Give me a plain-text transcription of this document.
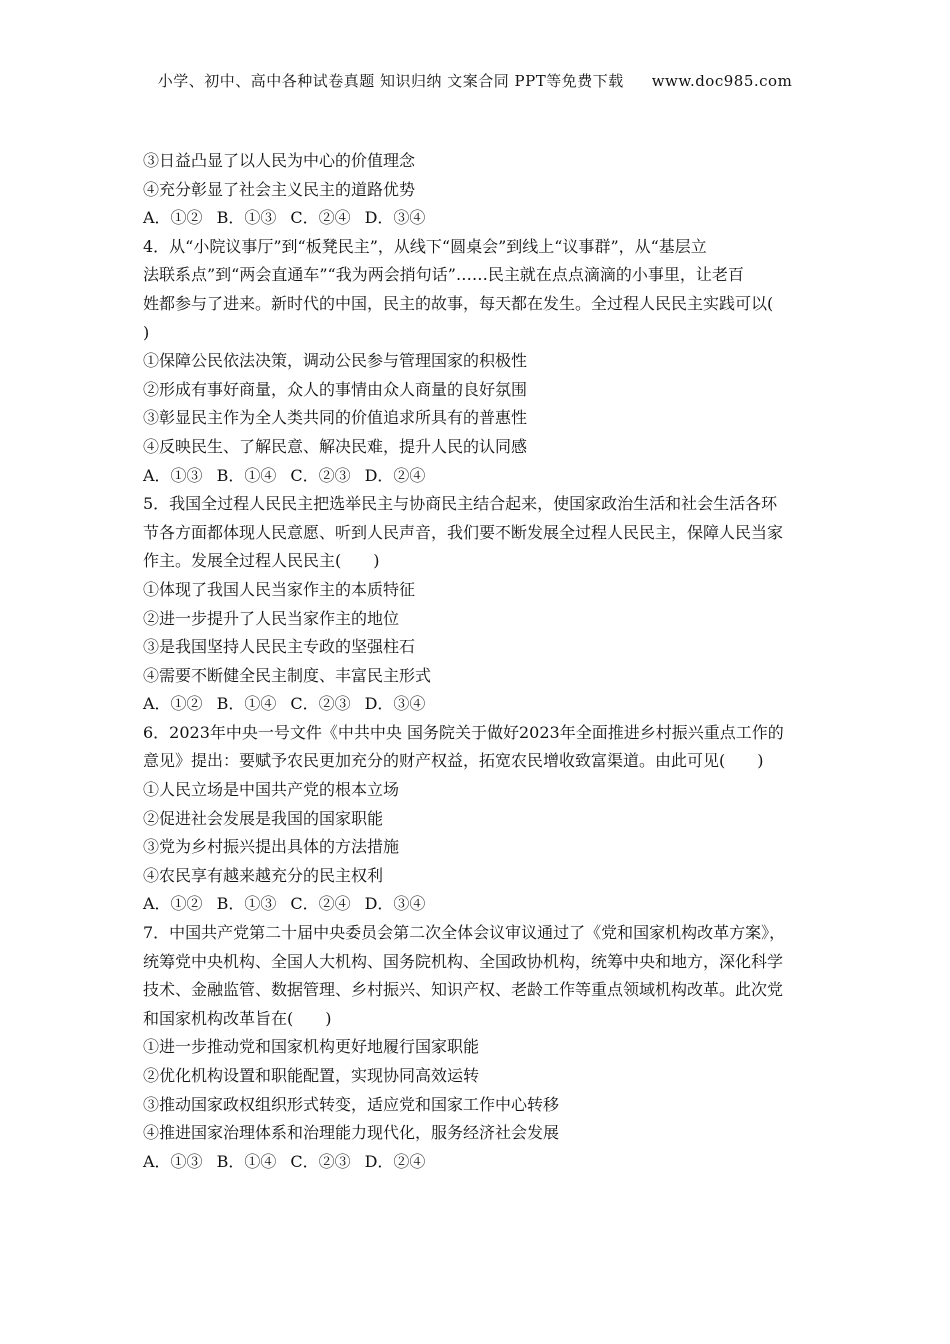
小学、初中、高中各种试卷真题 知识归纳 文案合同 PPT等免费下载 www.doc985.com
③日益凸显了以人民为中心的价值理念
④充分彰显了社会主义民主的道路优势
A．①② B．①③ C．②④ D．③④
4．从“小院议事厅”到“板凳民主”，从线下“圆桌会”到线上“议事群”，从“基层立
法联系点”到“两会直通车”“我为两会捎句话”……民主就在点点滴滴的小事里，让老百
姓都参与了进来。新时代的中国，民主的故事，每天都在发生。全过程人民民主实践可以(
)
①保障公民依法决策，调动公民参与管理国家的积极性
②形成有事好商量，众人的事情由众人商量的良好氛围
③彰显民主作为全人类共同的价值追求所具有的普惠性
④反映民生、了解民意、解决民难，提升人民的认同感
A．①③ B．①④ C．②③ D．②④
5．我国全过程人民民主把选举民主与协商民主结合起来，使国家政治生活和社会生活各环
节各方面都体现人民意愿、听到人民声音，我们要不断发展全过程人民民主，保障人民当家
作主。发展全过程人民民主(　　)
①体现了我国人民当家作主的本质特征
②进一步提升了人民当家作主的地位
③是我国坚持人民民主专政的坚强柱石
④需要不断健全民主制度、丰富民主形式
A．①② B．①④ C．②③ D．③④
6．2023年中央一号文件《中共中央 国务院关于做好2023年全面推进乡村振兴重点工作的
意见》提出：要赋予农民更加充分的财产权益，拓宽农民增收致富渠道。由此可见(　　)
①人民立场是中国共产党的根本立场
②促进社会发展是我国的国家职能
③党为乡村振兴提出具体的方法措施
④农民享有越来越充分的民主权利
A．①② B．①③ C．②④ D．③④
7．中国共产党第二十届中央委员会第二次全体会议审议通过了《党和国家机构改革方案》，
统筹党中央机构、全国人大机构、国务院机构、全国政协机构，统筹中央和地方，深化科学
技术、金融监管、数据管理、乡村振兴、知识产权、老龄工作等重点领域机构改革。此次党
和国家机构改革旨在(　　)
①进一步推动党和国家机构更好地履行国家职能
②优化机构设置和职能配置，实现协同高效运转
③推动国家政权组织形式转变，适应党和国家工作中心转移
④推进国家治理体系和治理能力现代化，服务经济社会发展
A．①③ B．①④ C．②③ D．②④
